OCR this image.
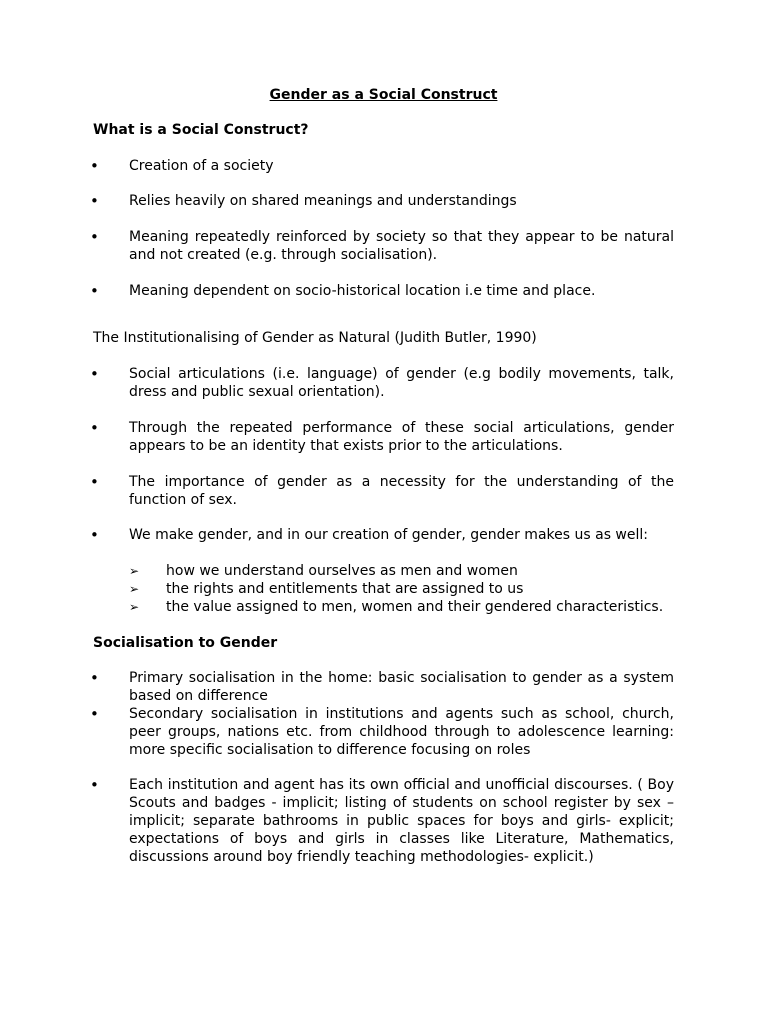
Gender as a Social Construct

What is a Social Construct?

• Creation of a society
• Relies heavily on shared meanings and understandings
• Meaning repeatedly reinforced by society so that they appear to be natural and not created (e.g. through socialisation).
• Meaning dependent on socio-historical location i.e time and place.

The Institutionalising of Gender as Natural (Judith Butler, 1990)

• Social articulations (i.e. language) of gender (e.g bodily movements, talk, dress and public sexual orientation).
• Through the repeated performance of these social articulations, gender appears to be an identity that exists prior to the articulations.
• The importance of gender as a necessity for the understanding of the function of sex.
• We make gender, and in our creation of gender, gender makes us as well:
➢ how we understand ourselves as men and women
➢ the rights and entitlements that are assigned to us
➢ the value assigned to men, women and their gendered characteristics.

Socialisation to Gender

• Primary socialisation in the home: basic socialisation to gender as a system based on difference
• Secondary socialisation in institutions and agents such as school, church, peer groups, nations etc. from childhood through to adolescence learning: more specific socialisation to difference focusing on roles
• Each institution and agent has its own official and unofficial discourses. ( Boy Scouts and badges - implicit; listing of students on school register by sex – implicit; separate bathrooms in public spaces for boys and girls- explicit; expectations of boys and girls in classes like Literature, Mathematics, discussions around boy friendly teaching methodologies- explicit.)
